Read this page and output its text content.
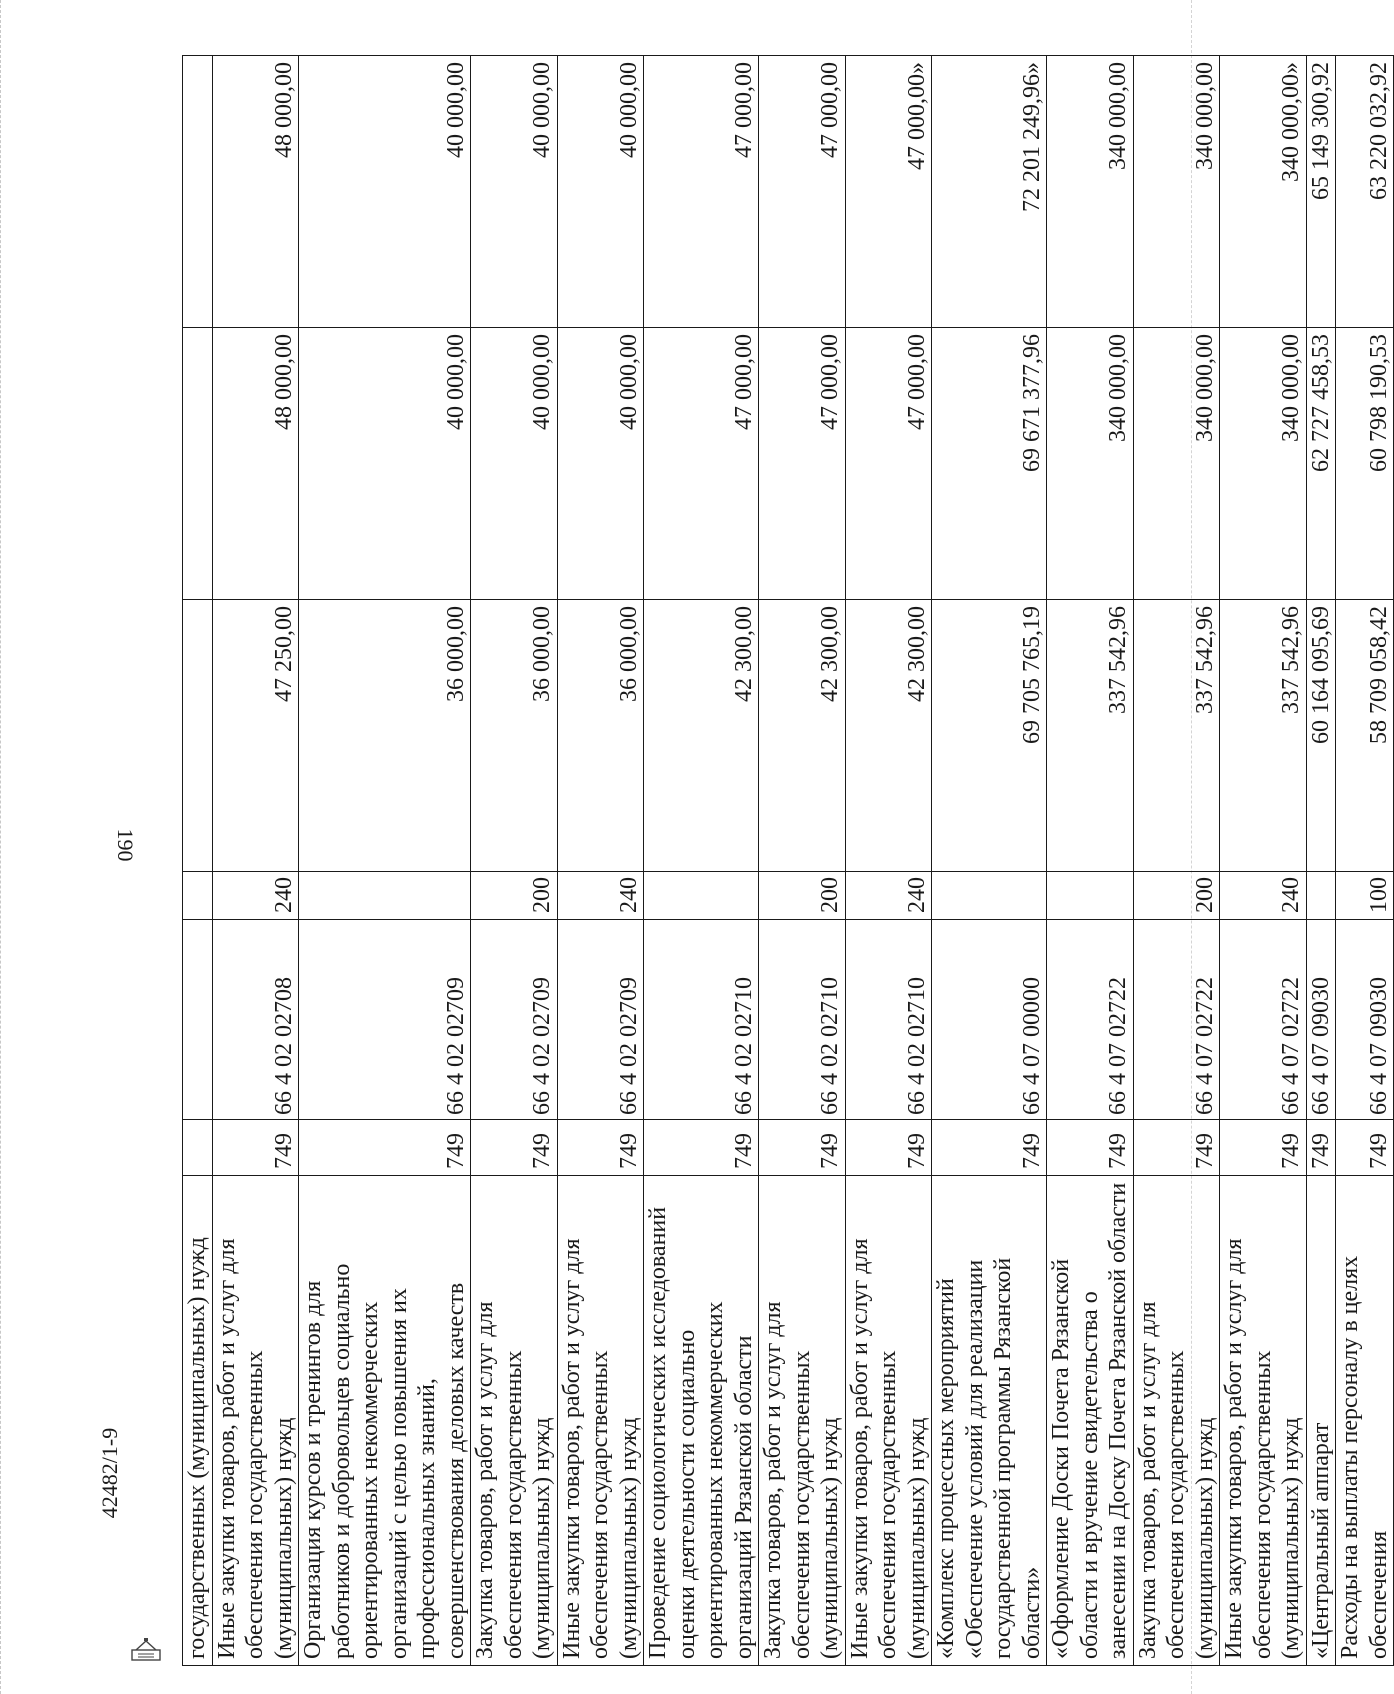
190
42482/1-9	государственных (муниципальных) нужд						
Иные закупки товаров, работ и услуг для обеспечения государственных (муниципальных) нужд	749	66 4 02 02708	240	47 250,00	48 000,00	48 000,00
Организация курсов и тренингов для работников и добровольцев социально ориентированных некоммерческих организаций с целью повышения их профессиональных знаний, совершенствования деловых качеств	749	66 4 02 02709		36 000,00	40 000,00	40 000,00
Закупка товаров, работ и услуг для обеспечения государственных (муниципальных) нужд	749	66 4 02 02709	200	36 000,00	40 000,00	40 000,00
Иные закупки товаров, работ и услуг для обеспечения государственных (муниципальных) нужд	749	66 4 02 02709	240	36 000,00	40 000,00	40 000,00
Проведение социологических исследований оценки деятельности социально ориентированных некоммерческих организаций Рязанской области	749	66 4 02 02710		42 300,00	47 000,00	47 000,00
Закупка товаров, работ и услуг для обеспечения государственных (муниципальных) нужд	749	66 4 02 02710	200	42 300,00	47 000,00	47 000,00
Иные закупки товаров, работ и услуг для обеспечения государственных (муниципальных) нужд	749	66 4 02 02710	240	42 300,00	47 000,00	47 000,00»
«Комплекс процессных мероприятий «Обеспечение условий для реализации государственной программы Рязанской области»	749	66 4 07 00000		69 705 765,19	69 671 377,96	72 201 249,96»
«Оформление Доски Почета Рязанской области и вручение свидетельства о занесении на Доску Почета Рязанской области	749	66 4 07 02722		337 542,96	340 000,00	340 000,00
Закупка товаров, работ и услуг для обеспечения государственных (муниципальных) нужд	749	66 4 07 02722	200	337 542,96	340 000,00	340 000,00
Иные закупки товаров, работ и услуг для обеспечения государственных (муниципальных) нужд	749	66 4 07 02722	240	337 542,96	340 000,00	340 000,00»
«Центральный аппарат	749	66 4 07 09030		60 164 095,69	62 727 458,53	65 149 300,92
Расходы на выплаты персоналу в целях обеспечения	749	66 4 07 09030	100	58 709 058,42	60 798 190,53	63 220 032,92
